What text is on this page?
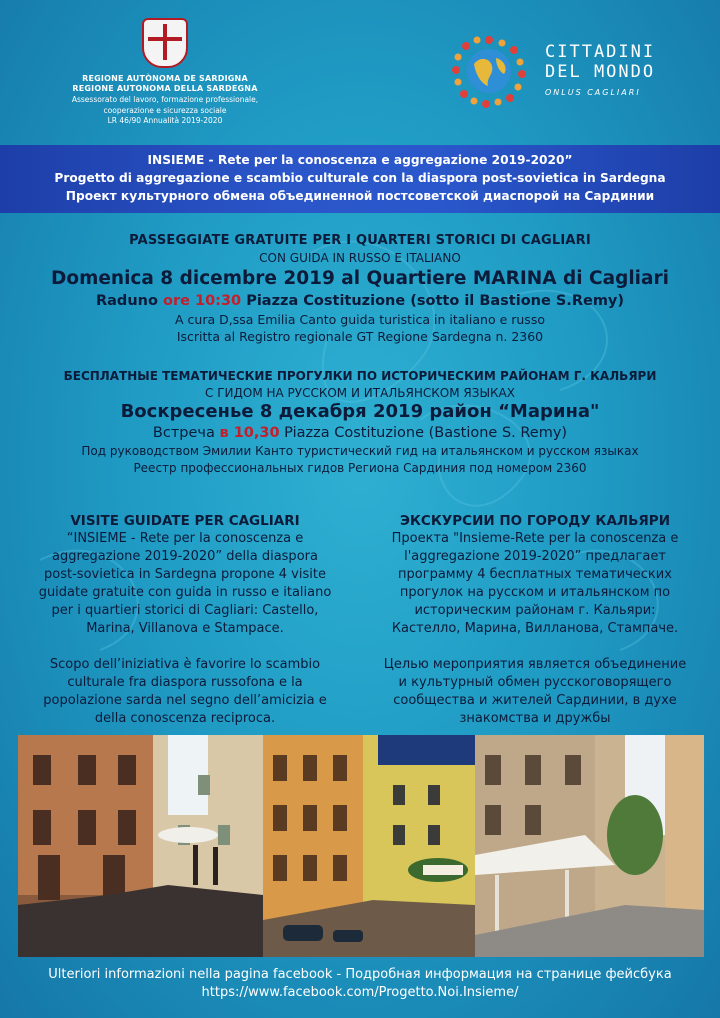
REGIONE AUTÒNOMA DE SARDIGNA
REGIONE AUTONOMA DELLA SARDEGNA
Assessorato del lavoro, formazione professionale,
cooperazione e sicurezza sociale
LR 46/90 Annualità 2019-2020
CITTADINI
DEL MONDO
ONLUS CAGLIARI
INSIEME - Rete per la conoscenza e aggregazione 2019-2020”
Progetto di aggregazione e scambio culturale con la diaspora post-sovietica in Sardegna
Проект культурного обмена объединенной постсоветской диаспорой на Сардинии
PASSEGGIATE GRATUITE PER I QUARTERI STORICI DI CAGLIARI
CON GUIDA IN RUSSO E ITALIANO
Domenica 8 dicembre 2019 al Quartiere MARINA di Cagliari
Raduno ore 10:30 Piazza Costituzione (sotto il Bastione S.Remy)
A cura D,ssa Emilia Canto guida turistica in italiano e russo
Iscritta al Registro regionale GT Regione Sardegna n. 2360
БЕСПЛАТНЫЕ ТЕМАТИЧЕСКИЕ ПРОГУЛКИ ПО ИСТОРИЧЕСКИМ РАЙОНАМ Г. КАЛЬЯРИ
С ГИДОМ НА РУССКОМ И ИТАЛЬЯНСКОМ ЯЗЫКАХ
Воскресенье 8 декабря 2019 район “Марина"
Встреча в 10,30 Piazza Costituzione (Bastione S. Remy)
Под руководством Эмилии Канто туристический гид на итальянском и русском языках
Реестр профессиональных гидов Региона Сардиния под номером 2360
VISITE GUIDATE PER CAGLIARI
“INSIEME - Rete per la conoscenza e
aggregazione 2019-2020” della diaspora
post-sovietica in Sardegna propone 4 visite
guidate gratuite con guida in russo e italiano
per i quartieri storici di Cagliari: Castello,
Marina, Villanova e Stampace.
Scopo dell’iniziativa è favorire lo scambio
culturale fra diaspora russofona e la
popolazione sarda nel segno dell’amicizia e
della conoscenza reciproca.
ЭКСКУРСИИ ПО ГОРОДУ КАЛЬЯРИ
Проекта "Insieme-Rete per la conoscenza e
l'aggregazione 2019-2020” предлагает
программу 4 бесплатных тематических
прогулок на русском и итальянском по
историческим районам г. Кальяри:
Кастелло, Марина, Вилланова, Стампаче.
Целью мероприятия является объединение
и культурный обмен русскоговорящего
сообщества и жителей Сардинии, в духе
знакомства и дружбы
Ulteriori informazioni nella pagina facebook - Подробная информация на странице фейсбука
https://www.facebook.com/Progetto.Noi.Insieme/
